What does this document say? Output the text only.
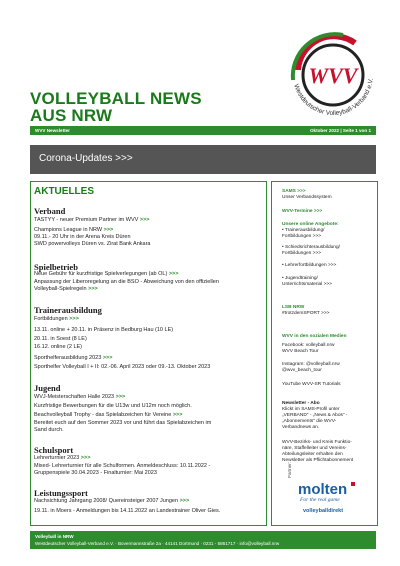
VOLLEYBALL NEWS
AUS NRW
WVV
Westdeutscher Volleyball-Verband e.V.
WVV Newsletter	Oktober 2022 | Seite 1 von 1
Corona-Updates >>>
AKTUELLES
Verband
TASTYY - neuer Premium Partner im WVV >>>
Champions League in NRW >>>
09.11.- 20 Uhr in der Arena Kreis Düren
SWD powervolleys Düren vs. Zirat Bank Ankara
Spielbetrieb
Neue Gebühr für kurzfristige Spielverlegungen (ab OL) >>>
Anpassung der Liberoregelung an die BSO - Abweichung von den offiziellen
Volleyball-Spielregeln >>>
Trainerausbildung
Fortbildungen >>>
13.11. online + 20.11. in Präsenz in Bedburg Hau (10 LE)
20.11. in Soest (8 LE)
16.12. online (2 LE)
Sporthelferausbildung 2023 >>>
Sporthelfer Volleyball I + II: 02.-06. April 2023 oder 09.-13. Oktober 2023
Jugend
WVJ-Meisterschaften Halle 2023 >>>
Kurzfristige Bewerbungen für die U13w und U12m noch möglich.
Beachvolleyball Trophy - das Spielabzeichen für Vereine >>>
Bereitet euch auf den Sommer 2023 vor und führt das Spielabzeichen im
Sand durch.
Schulsport
Lehrerturnier 2023 >>>
Mixed- Lehrerturnier für alle Schulformen. Anmeldeschluss: 10.11.2022 -
Gruppenspiele 30.04.2023 - Finalturnier: Mai 2023
Leistungssport
Nachsichtung Jahrgang 2008/ Quereinsteiger 2007 Jungen >>>
19.11. in Moers - Anmeldungen bis 14.11.2022 an Landestrainer Oliver Gies.
SAMS >>>
Unser Verbandssystem
WVV-Termine >>>
Unsere online Angebote:
• Trainerausbildung/
Fortbildungen >>>
• Schiedsrichterausbildung/
Fortbildungen >>>
• Lehrerfortbildungen >>>
• Jugendtraining/
Unterrichtsmaterial >>>
LSB NRW
#trotzdemSPORT >>>
WVV in den sozialen Medien
Facebook: volleyball.nrw
WVV Beach Tour
Instagram: @volleyball.nrw
@wvv_beach_tour
YouTube WVV-SR Tutorials
Newsletter - Abo
Klickt im SAMS-Profil unter
„VERBAND" - „News & Abos" -
„Abonnements" die WVV-
Verbandnews an.
WVV-Bezirks- und Kreis Funktio-
näre, Staffelleiter und Vereins-
Abteilungsleiter erhalten den
Newsletter als Pflichtabonnement
Partner:
molten
For the real game
volleyballdirekt
Volleyball in NRW
Westdeutscher Volleyball-Verband e.V. · Bovermannstraße 2a · 44141 Dortmund · 0231 - 5861717 · info@volleyball.nrw
